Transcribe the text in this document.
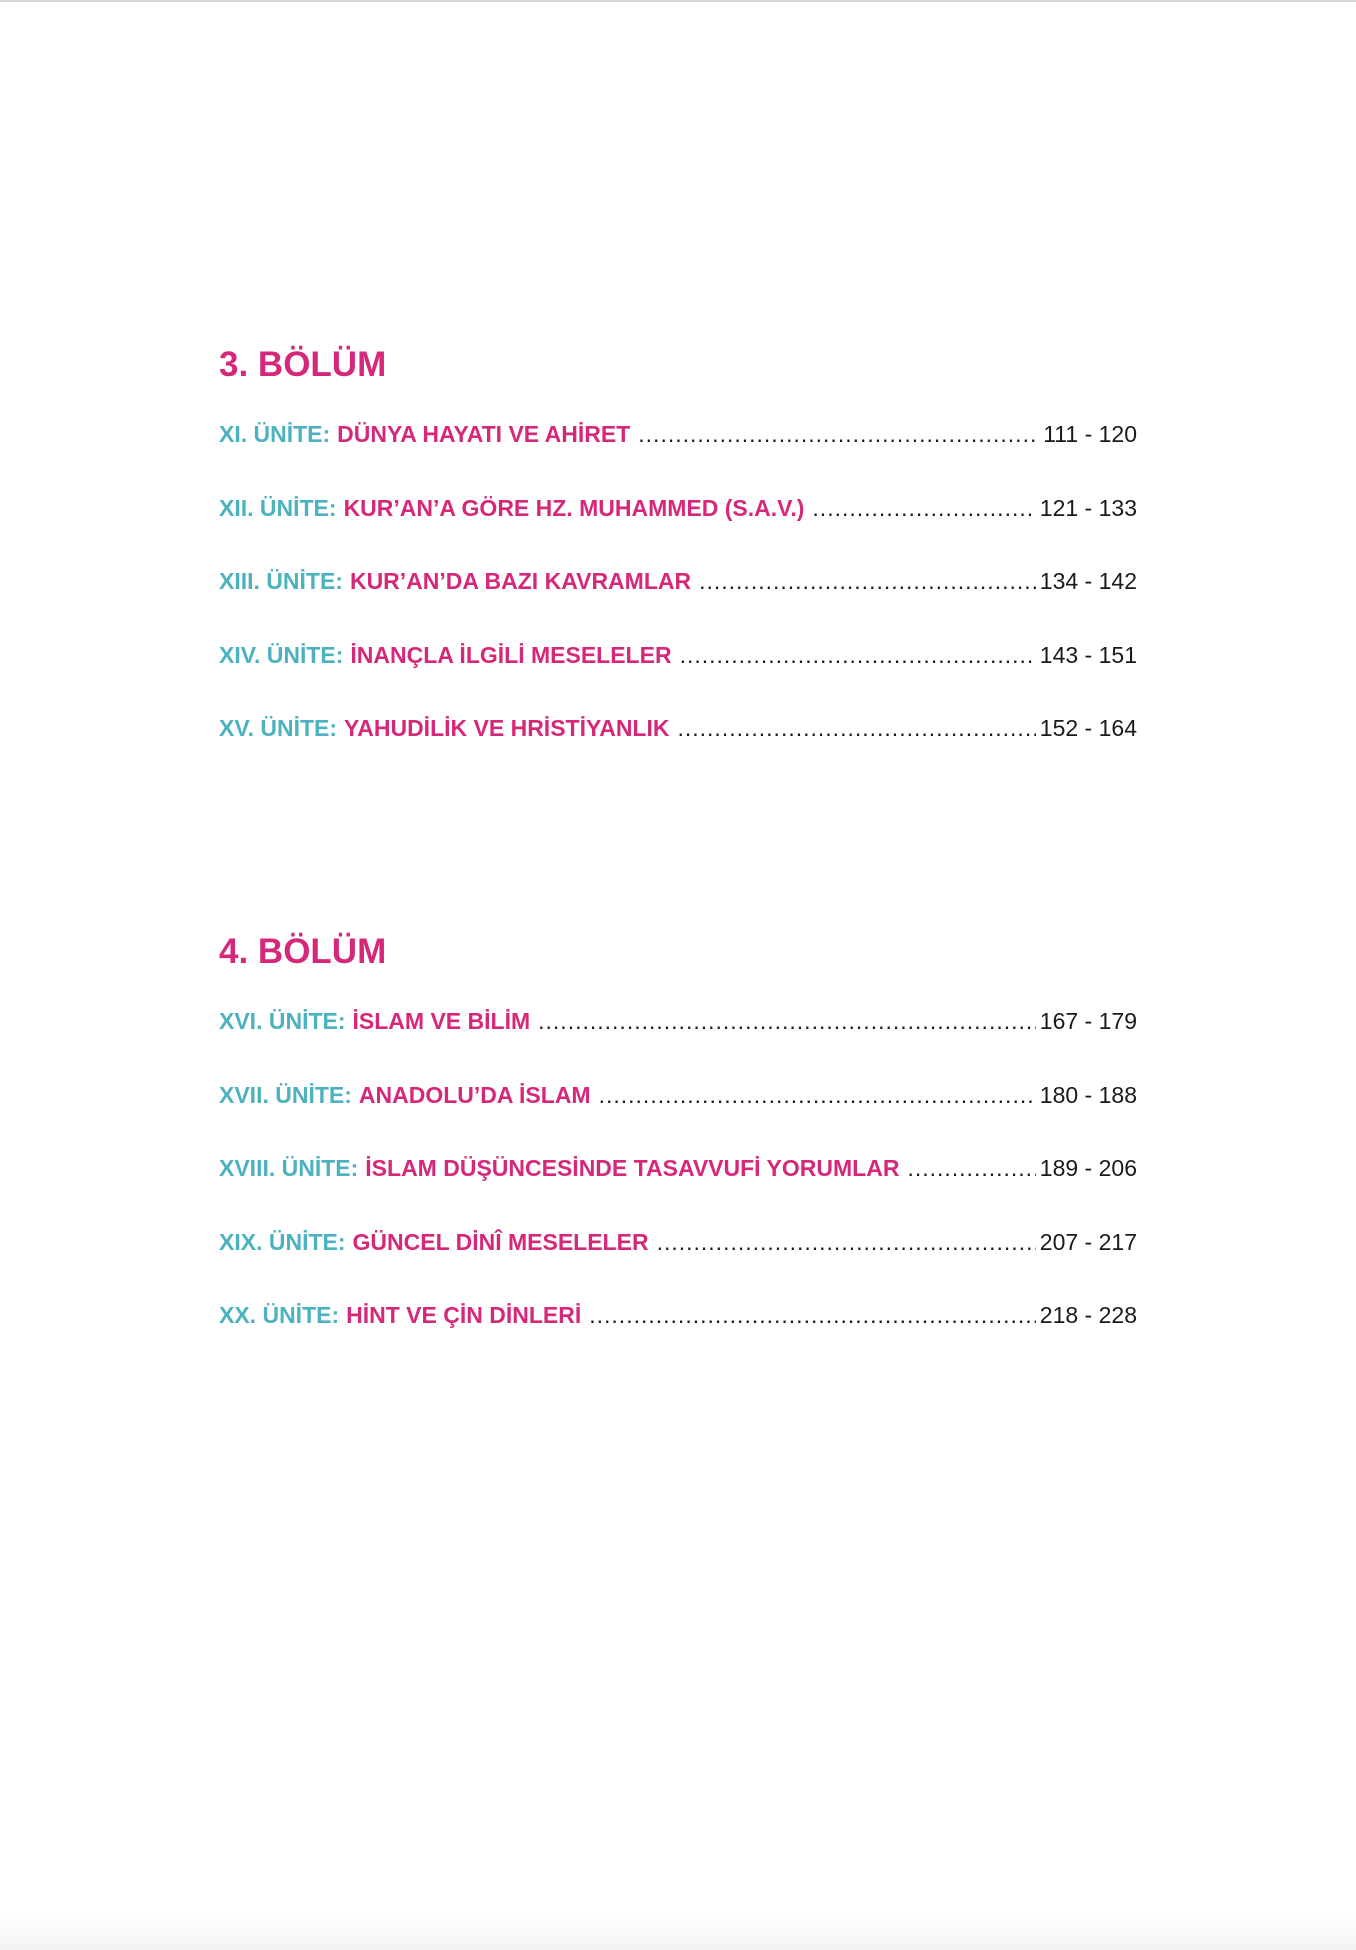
3. BÖLÜM
XI. ÜNİTE: DÜNYA HAYATI VE AHİRET .....	111 - 120
XII. ÜNİTE: KUR’AN’A GÖRE HZ. MUHAMMED (S.A.V.) .....	121 - 133
XIII. ÜNİTE: KUR’AN’DA BAZI KAVRAMLAR .....	134 - 142
XIV. ÜNİTE: İNANÇLA İLGİLİ MESELELER .....	143 - 151
XV. ÜNİTE: YAHUDİLİK VE HRİSTİYANLIK .....	152 - 164
4. BÖLÜM
XVI. ÜNİTE: İSLAM VE BİLİM .....	167 - 179
XVII. ÜNİTE: ANADOLU’DA İSLAM .....	180 - 188
XVIII. ÜNİTE: İSLAM DÜŞÜNCESİNDE TASAVVUFİ YORUMLAR .....	189 - 206
XIX. ÜNİTE: GÜNCEL DİNÎ MESELELER .....	207 - 217
XX. ÜNİTE: HİNT VE ÇİN DİNLERİ .....	218 - 228
